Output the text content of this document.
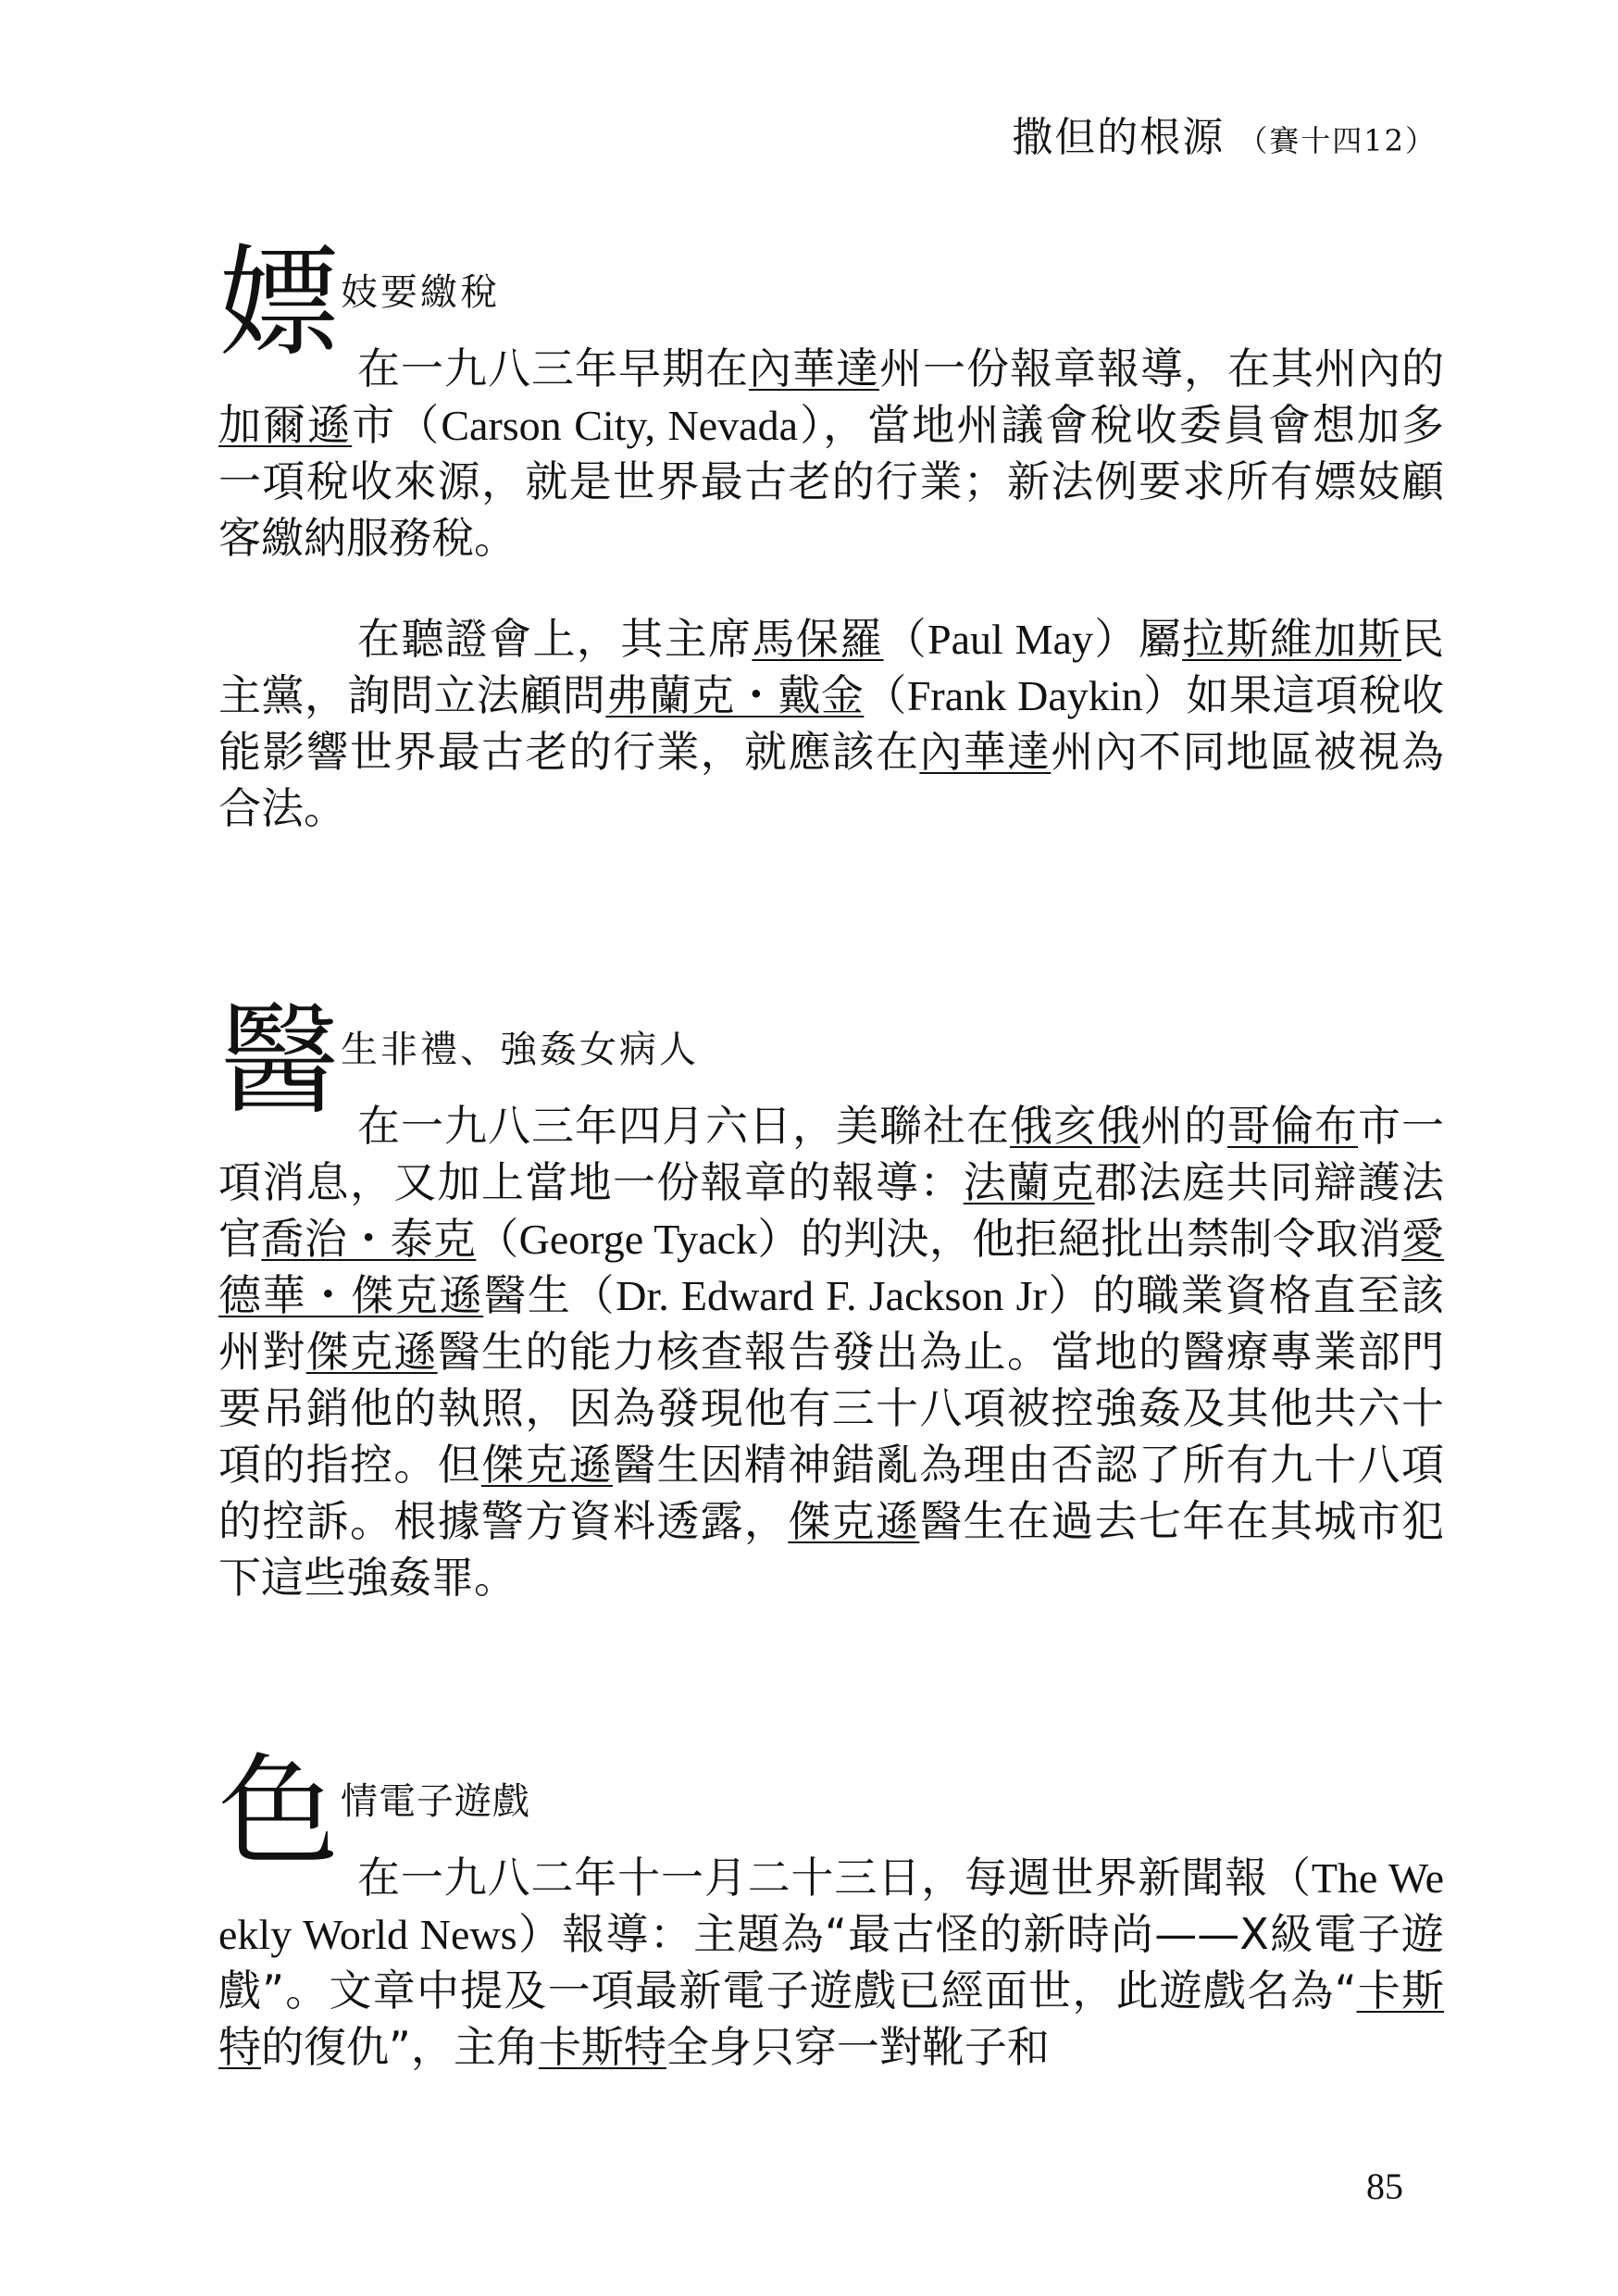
撒但的根源 （賽十四12）
嫖 妓要繳稅

在一九八三年早期在內華達州一份報章報導，在其州內的加爾遜市（Carson City, Nevada），當地州議會稅收委員會想加多一項稅收來源，就是世界最古老的行業；新法例要求所有嫖妓顧客繳納服務稅。

在聽證會上，其主席馬保羅（Paul May）屬拉斯維加斯民主黨，詢問立法顧問弗蘭克・戴金（Frank Daykin）如果這項稅收能影響世界最古老的行業，就應該在內華達州內不同地區被視為合法。

醫 生非禮、強姦女病人

在一九八三年四月六日，美聯社在俄亥俄州的哥倫布市一項消息，又加上當地一份報章的報導：法蘭克郡法庭共同辯護法官喬治・泰克（George Tyack）的判決，他拒絕批出禁制令取消愛德華・傑克遜醫生（Dr. Edward F. Jackson Jr）的職業資格直至該州對傑克遜醫生的能力核查報告發出為止。當地的醫療專業部門要吊銷他的執照，因為發現他有三十八項被控強姦及其他共六十項的指控。但傑克遜醫生因精神錯亂為理由否認了所有九十八項的控訴。根據警方資料透露，傑克遜醫生在過去七年在其城市犯下這些強姦罪。

色 情電子遊戲

在一九八二年十一月二十三日，每週世界新聞報（The Weekly World News）報導：主題為“最古怪的新時尚——X級電子遊戲”。文章中提及一項最新電子遊戲已經面世，此遊戲名為“卡斯特的復仇”，主角卡斯特全身只穿一對靴子和

85
